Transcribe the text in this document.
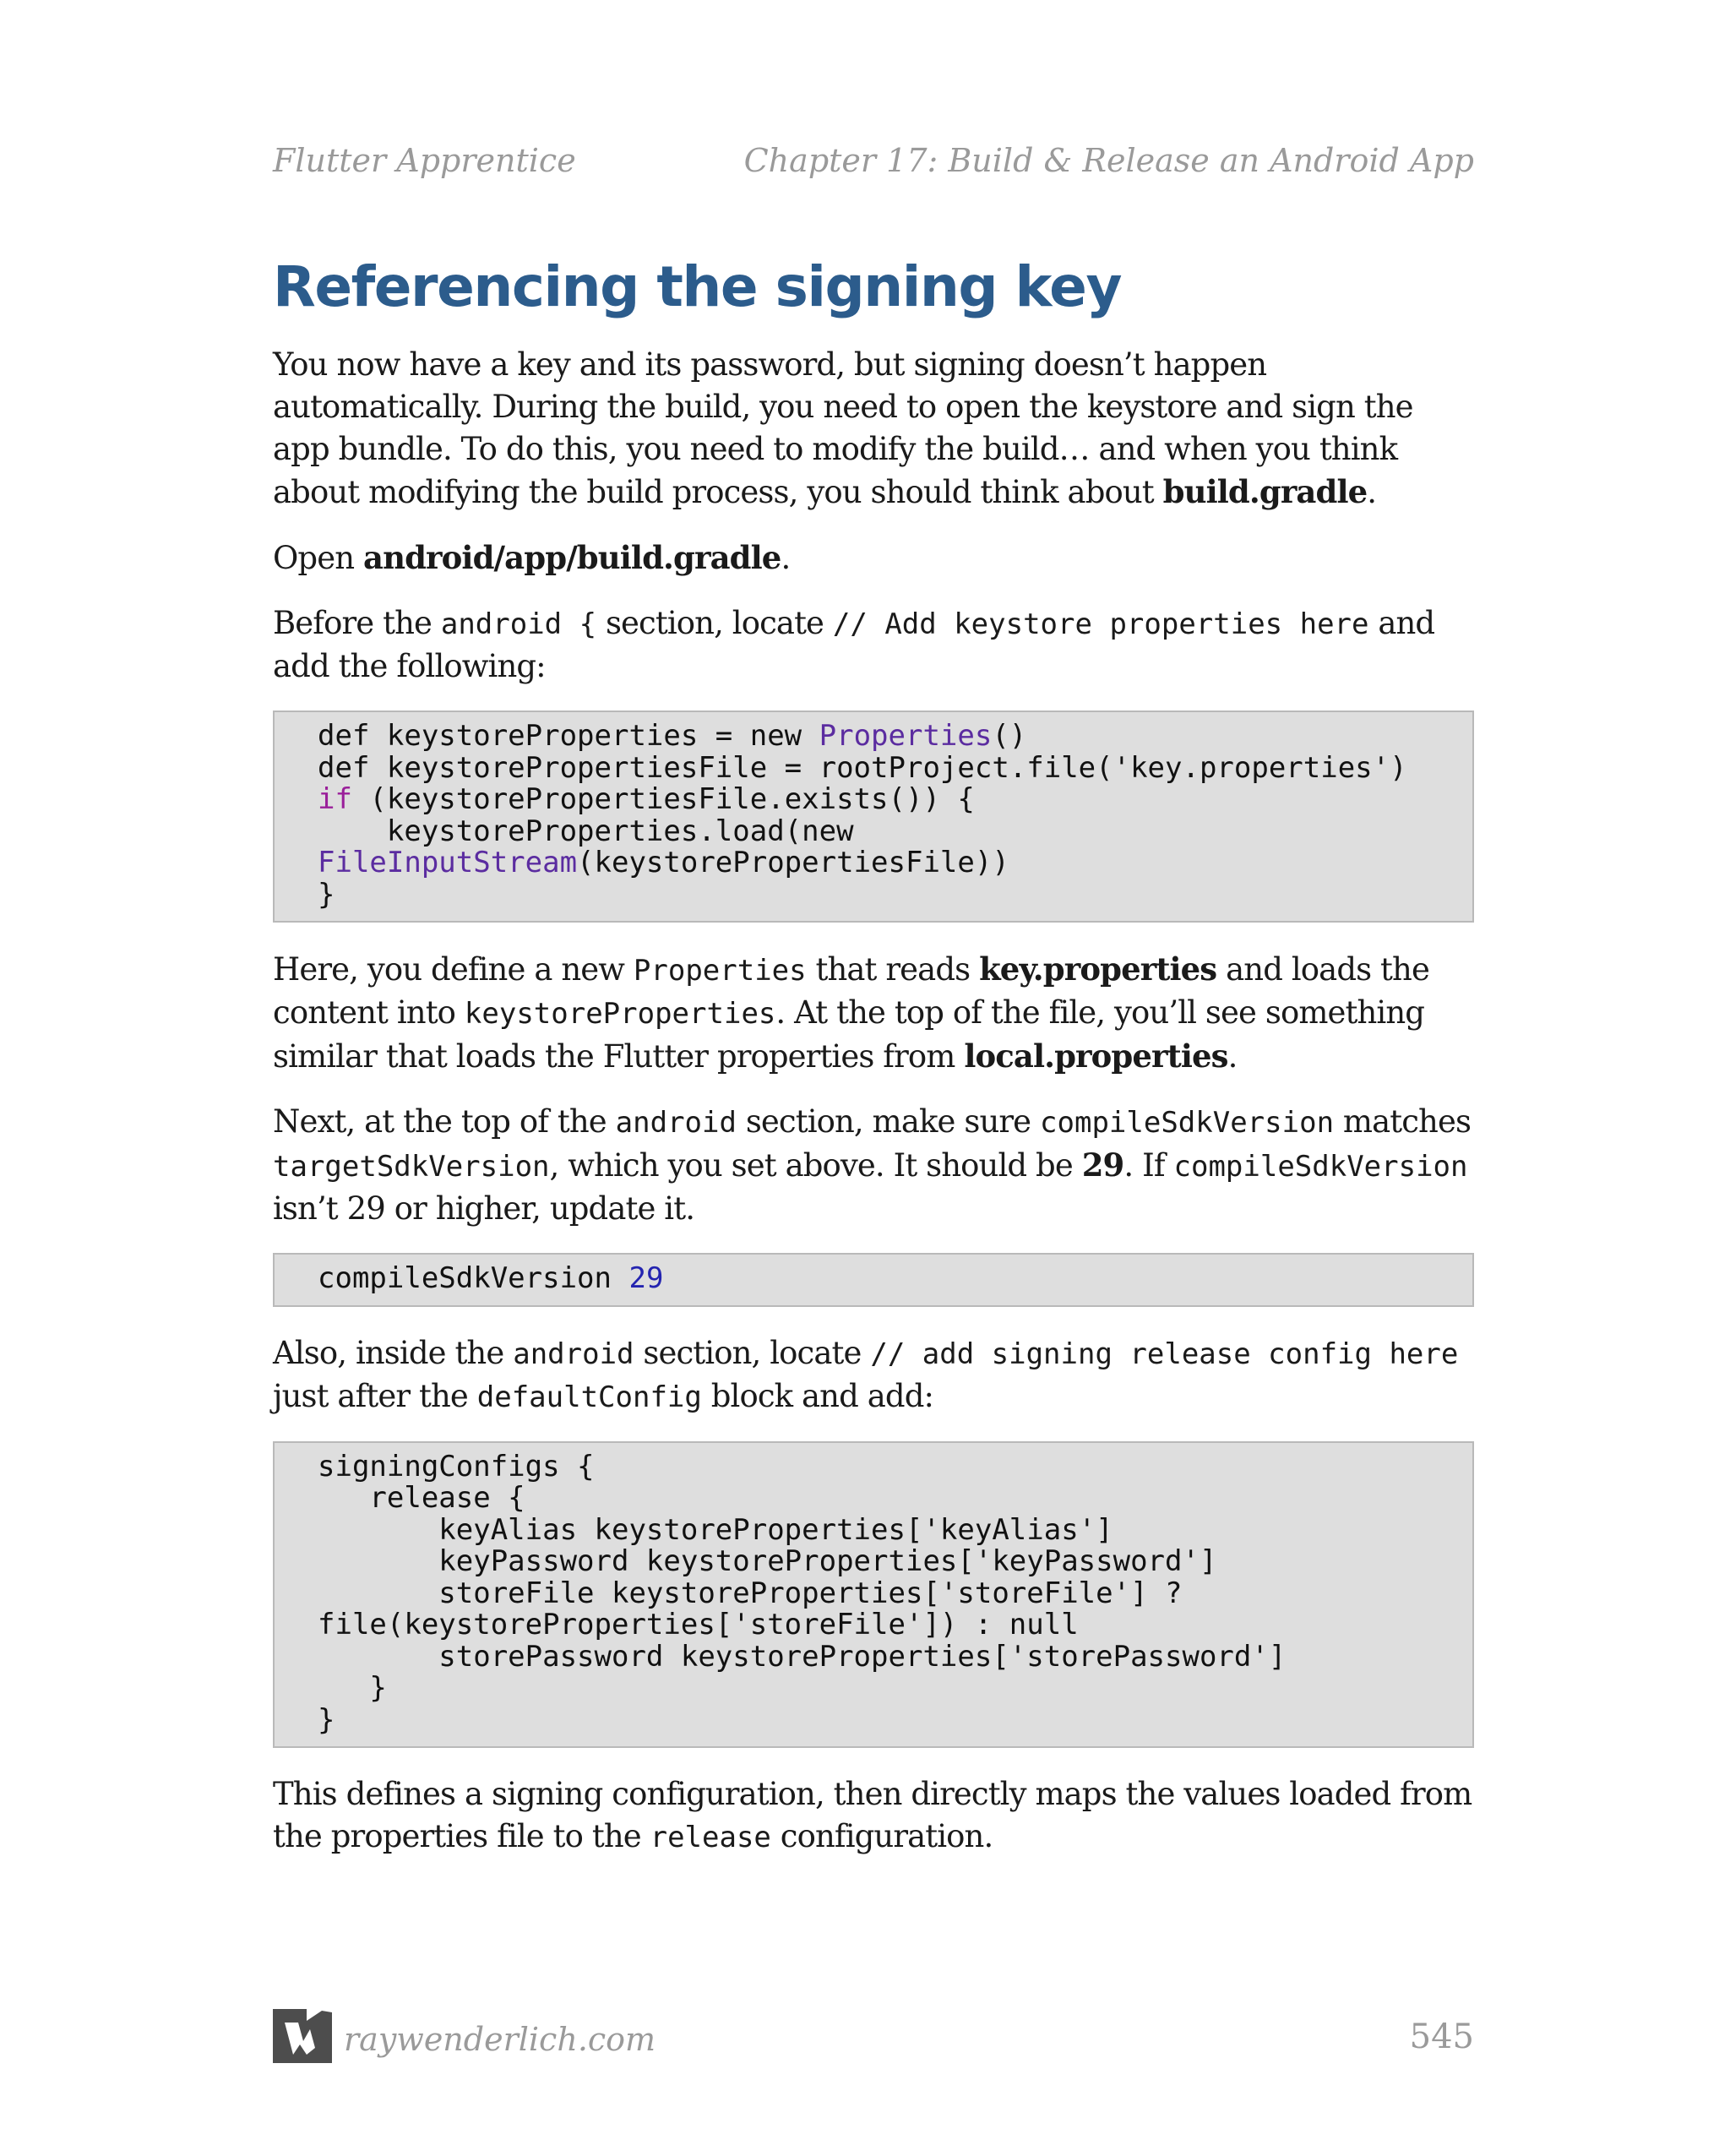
Flutter Apprentice	Chapter 17: Build & Release an Android App
Referencing the signing key

You now have a key and its password, but signing doesn’t happen automatically. During the build, you need to open the keystore and sign the app bundle. To do this, you need to modify the build… and when you think about modifying the build process, you should think about build.gradle.

Open android/app/build.gradle.

Before the android { section, locate // Add keystore properties here and add the following:

def keystoreProperties = new Properties()
def keystorePropertiesFile = rootProject.file('key.properties')
if (keystorePropertiesFile.exists()) {
keystoreProperties.load(new
FileInputStream(keystorePropertiesFile))
}

Here, you define a new Properties that reads key.properties and loads the content into keystoreProperties. At the top of the file, you’ll see something similar that loads the Flutter properties from local.properties.

Next, at the top of the android section, make sure compileSdkVersion matches targetSdkVersion, which you set above. It should be 29. If compileSdkVersion isn’t 29 or higher, update it.

compileSdkVersion 29

Also, inside the android section, locate // add signing release config here just after the defaultConfig block and add:

signingConfigs {
release {
keyAlias keystoreProperties['keyAlias']
keyPassword keystoreProperties['keyPassword']
storeFile keystoreProperties['storeFile'] ?
file(keystoreProperties['storeFile']) : null
storePassword keystoreProperties['storePassword']
}
}

This defines a signing configuration, then directly maps the values loaded from the properties file to the release configuration.

raywenderlich.com	545
